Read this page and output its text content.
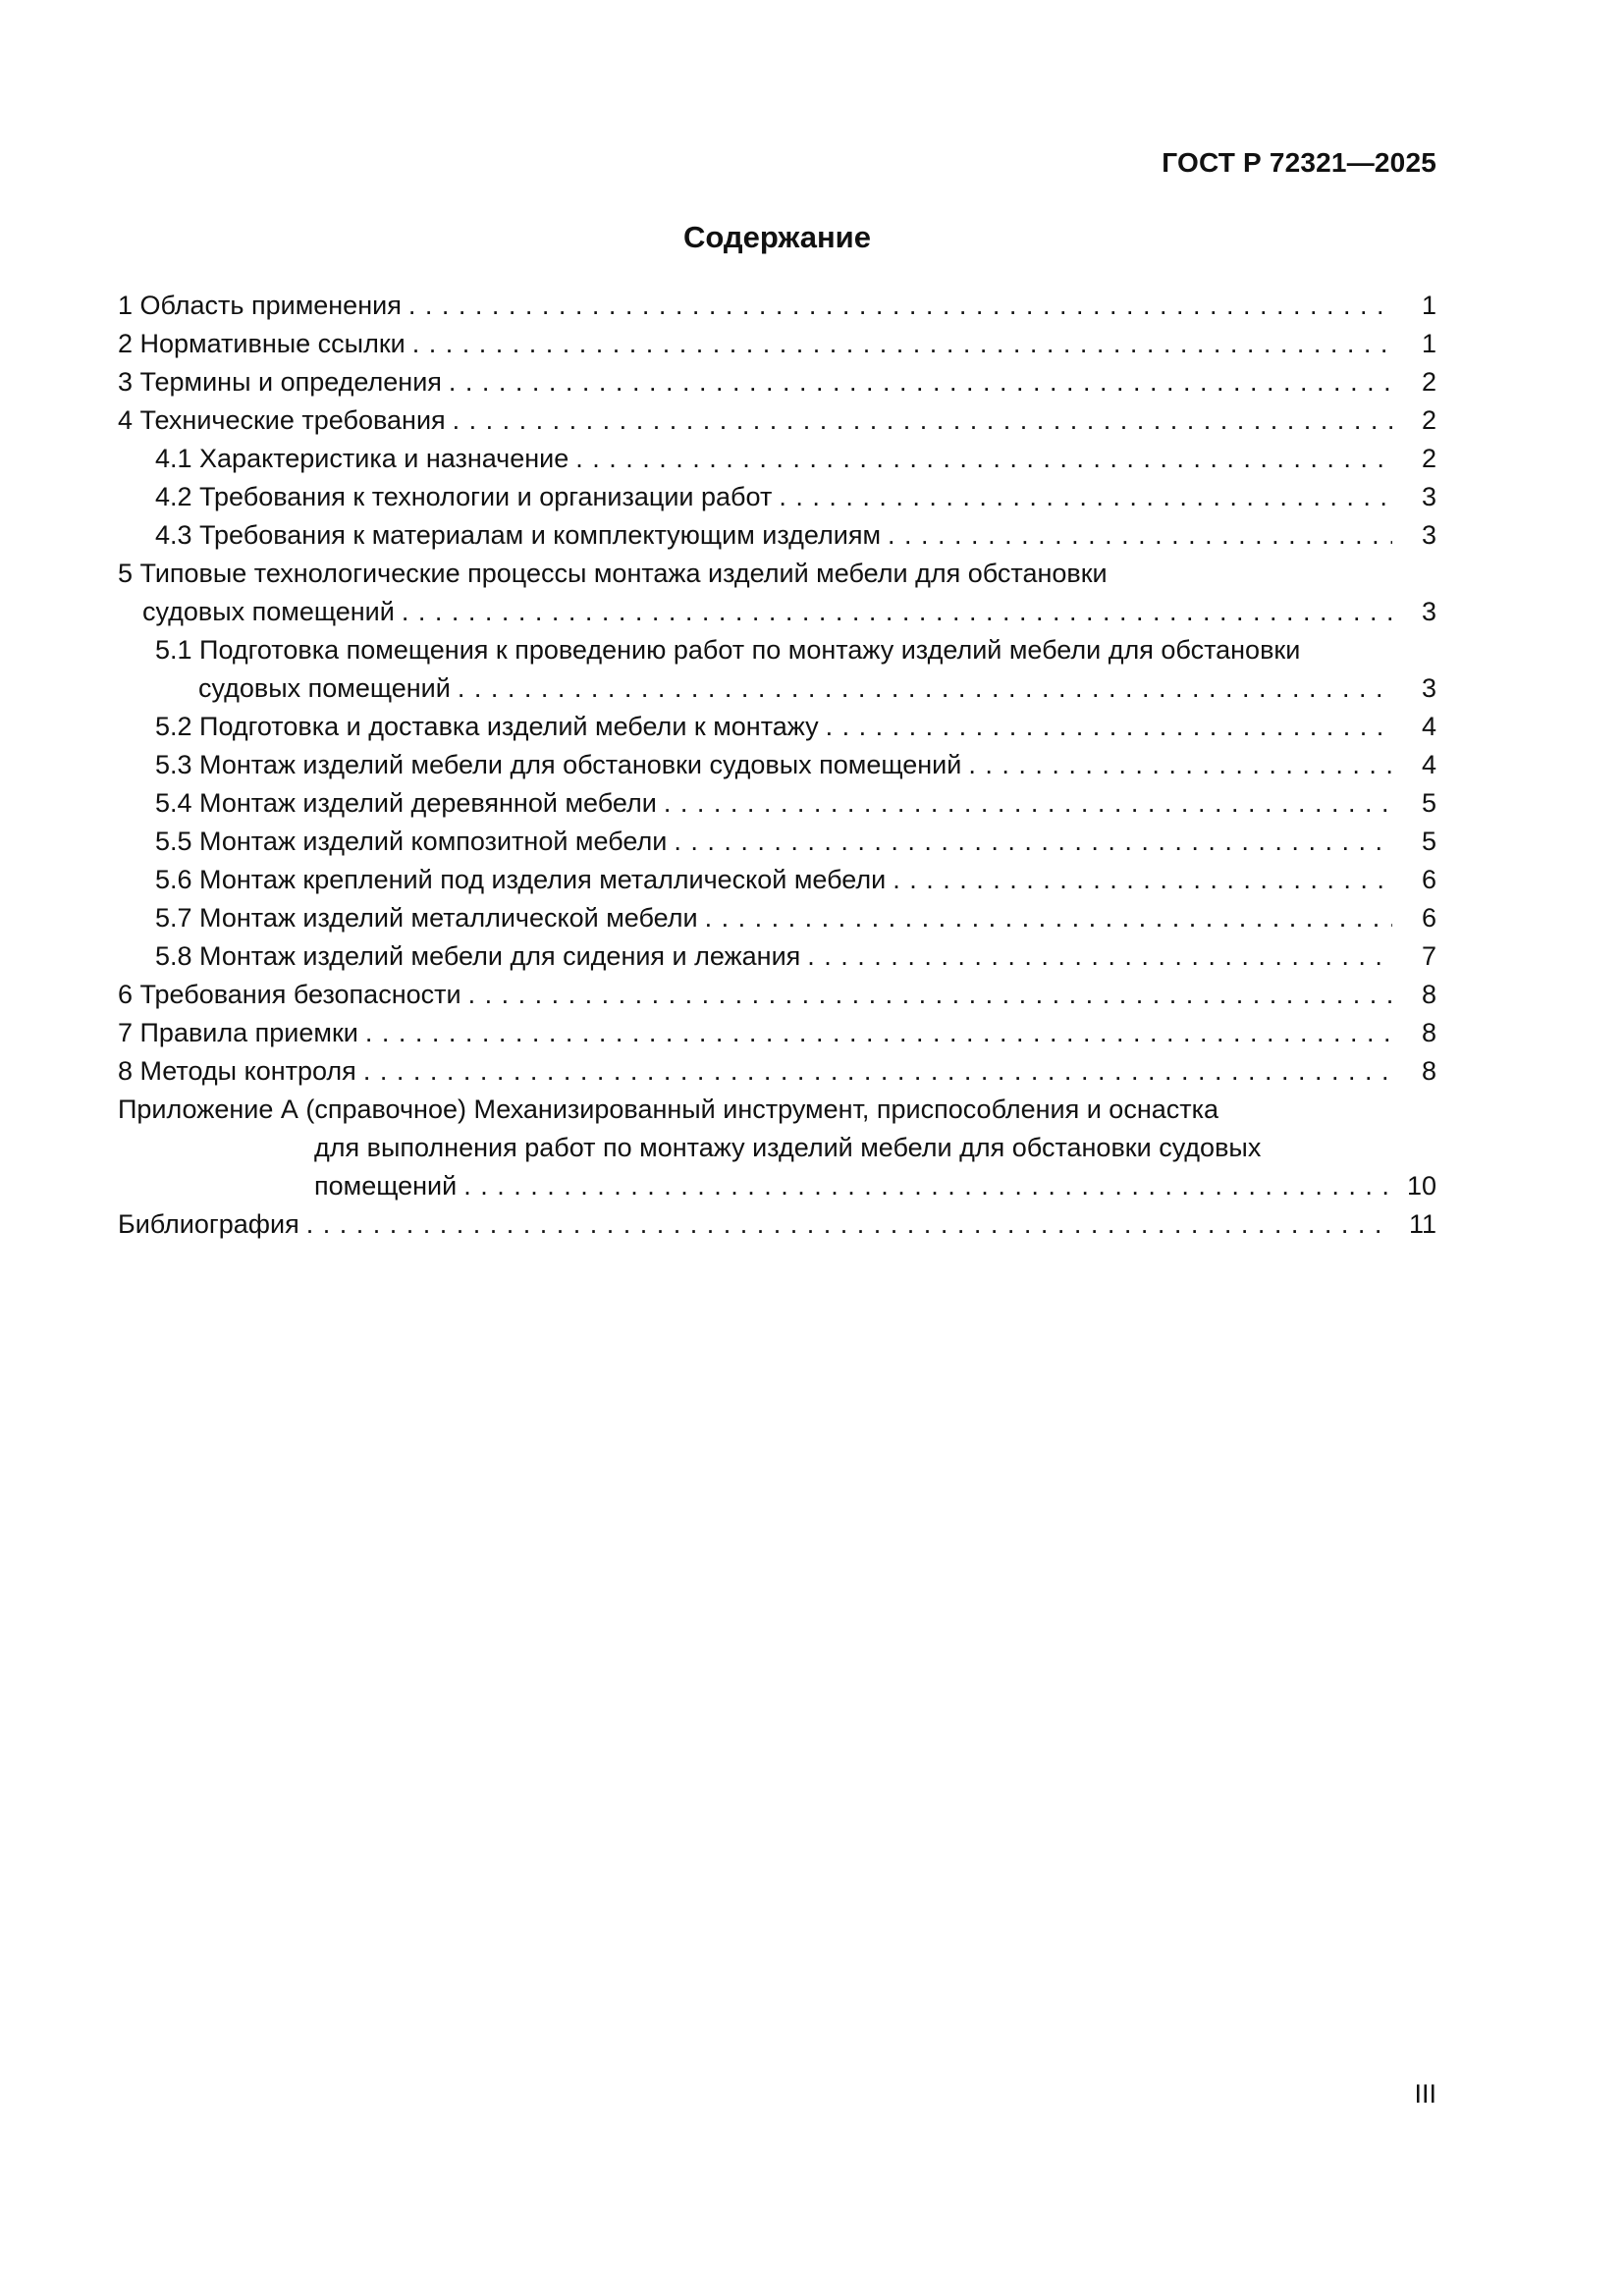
ГОСТ Р 72321—2025
Содержание
1 Область применения . . .	1
2 Нормативные ссылки . . .	1
3 Термины и определения . . .	2
4 Технические требования . . .	2
4.1 Характеристика и назначение . . .	2
4.2 Требования к технологии и организации работ . . .	3
4.3 Требования к материалам и комплектующим изделиям . . .	3
5 Типовые технологические процессы монтажа изделий мебели для обстановки
судовых помещений . . .	3
5.1 Подготовка помещения к проведению работ по монтажу изделий мебели для обстановки
судовых помещений . . .	3
5.2 Подготовка и доставка изделий мебели к монтажу . . .	4
5.3 Монтаж изделий мебели для обстановки судовых помещений . . .	4
5.4 Монтаж изделий деревянной мебели . . .	5
5.5 Монтаж изделий композитной мебели . . .	5
5.6 Монтаж креплений под изделия металлической мебели . . .	6
5.7 Монтаж изделий металлической мебели . . .	6
5.8 Монтаж изделий мебели для сидения и лежания . . .	7
6 Требования безопасности . . .	8
7 Правила приемки . . .	8
8 Методы контроля . . .	8
Приложение А (справочное) Механизированный инструмент, приспособления и оснастка
для выполнения работ по монтажу изделий мебели для обстановки судовых
помещений . . .	10
Библиография . . .	11
III
